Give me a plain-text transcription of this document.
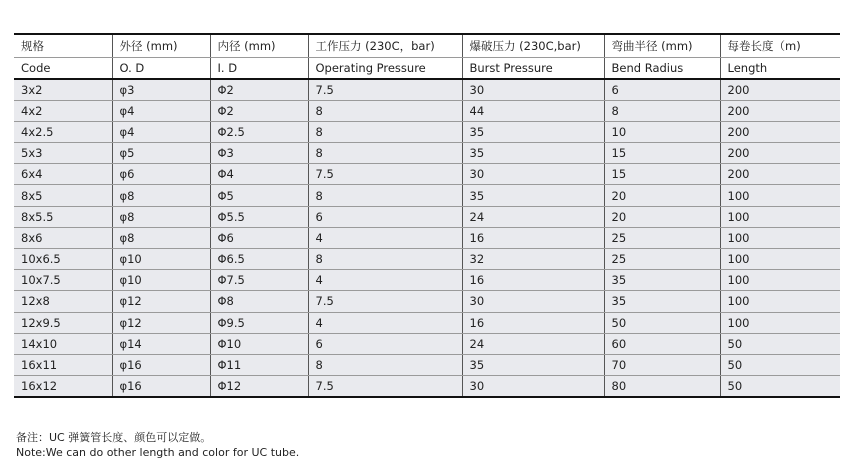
规格	外径 (mm)	内径 (mm)	工作压力 (230C，bar)	爆破压力 (230C,bar)	弯曲半径 (mm)	每卷长度（m)
Code	O. D	I. D	Operating Pressure	Burst Pressure	Bend Radius	Length
3x2	φ3	Φ2	7.5	30	6	200
4x2	φ4	Φ2	8	44	8	200
4x2.5	φ4	Φ2.5	8	35	10	200
5x3	φ5	Φ3	8	35	15	200
6x4	φ6	Φ4	7.5	30	15	200
8x5	φ8	Φ5	8	35	20	100
8x5.5	φ8	Φ5.5	6	24	20	100
8x6	φ8	Φ6	4	16	25	100
10x6.5	φ10	Φ6.5	8	32	25	100
10x7.5	φ10	Φ7.5	4	16	35	100
12x8	φ12	Φ8	7.5	30	35	100
12x9.5	φ12	Φ9.5	4	16	50	100
14x10	φ14	Φ10	6	24	60	50
16x11	φ16	Φ11	8	35	70	50
16x12	φ16	Φ12	7.5	30	80	50
备注：UC 弹簧管长度、颜色可以定做。
Note:We can do other length and color for UC tube.
